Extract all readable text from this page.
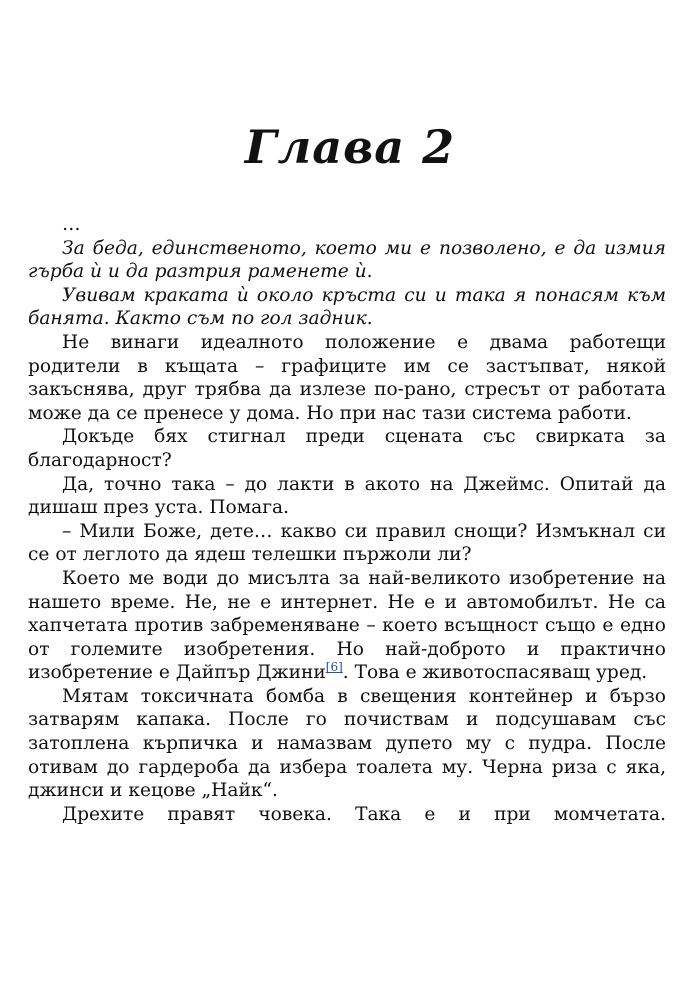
Глава 2

…

За беда, единственото, което ми е позволено, е да измия гърба ѝ и да разтрия раменете ѝ.

Увивам краката ѝ около кръста си и така я понасям към банята. Както съм по гол задник.

Не винаги идеалното положение е двама работещи родители в къщата – графиците им се застъпват, някой закъснява, друг трябва да излезе по-рано, стресът от работата може да се пренесе у дома. Но при нас тази система работи.

Докъде бях стигнал преди сцената със свирката за благодарност?

Да, точно така – до лакти в акото на Джеймс. Опитай да дишаш през уста. Помага.

– Мили Боже, дете… какво си правил снощи? Измъкнал си се от леглото да ядеш телешки пържоли ли?

Което ме води до мисълта за най-великото изобретение на нашето време. Не, не е интернет. Не е и автомобилът. Не са хапчетата против забременяване – което всъщност също е едно от големите изобретения. Но най-доброто и практично изобретение е Дайпър Джини[6]. Това е животоспасяващ уред.

Мятам токсичната бомба в свещения контейнер и бързо затварям капака. После го почиствам и подсушавам със затоплена кърпичка и намазвам дупето му с пудра. После отивам до гардероба да избера тоалета му. Черна риза с яка, джинси и кецове „Найк“.

Дрехите правят човека. Така е и при момчетата.
